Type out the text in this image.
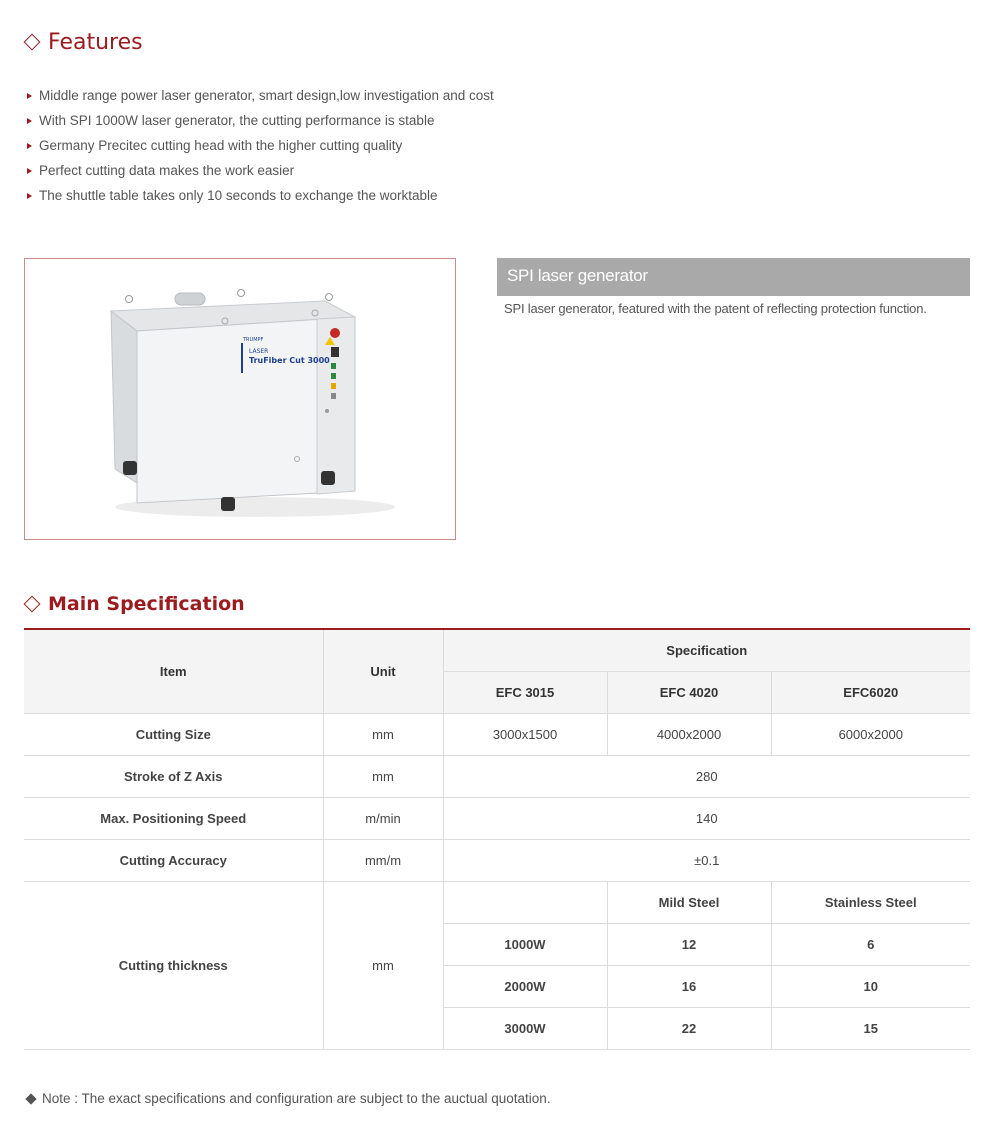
Features
Middle range power laser generator, smart design,low investigation and cost
With SPI 1000W laser generator, the cutting performance is stable
Germany Precitec cutting head with the higher cutting quality
Perfect cutting data makes the work easier
The shuttle table takes only 10 seconds to exchange the worktable
LASER
TruFiber Cut 3000
TRUMPF
SPI laser generator
SPI laser generator, featured with the patent of reflecting protection function.
Main Specification
Item	Unit	Specification		
		EFC 3015	EFC 4020	EFC6020
Cutting Size	mm	3000x1500	4000x2000	6000x2000
Stroke of Z Axis	mm	280		
Max. Positioning Speed	m/min	140		
Cutting Accuracy	mm/m	±0.1		
Cutting thickness	mm		Mild Steel	Stainless Steel
		1000W	12	6
		2000W	16	10
		3000W	22	15
Note : The exact specifications and configuration are subject to the auctual quotation.
